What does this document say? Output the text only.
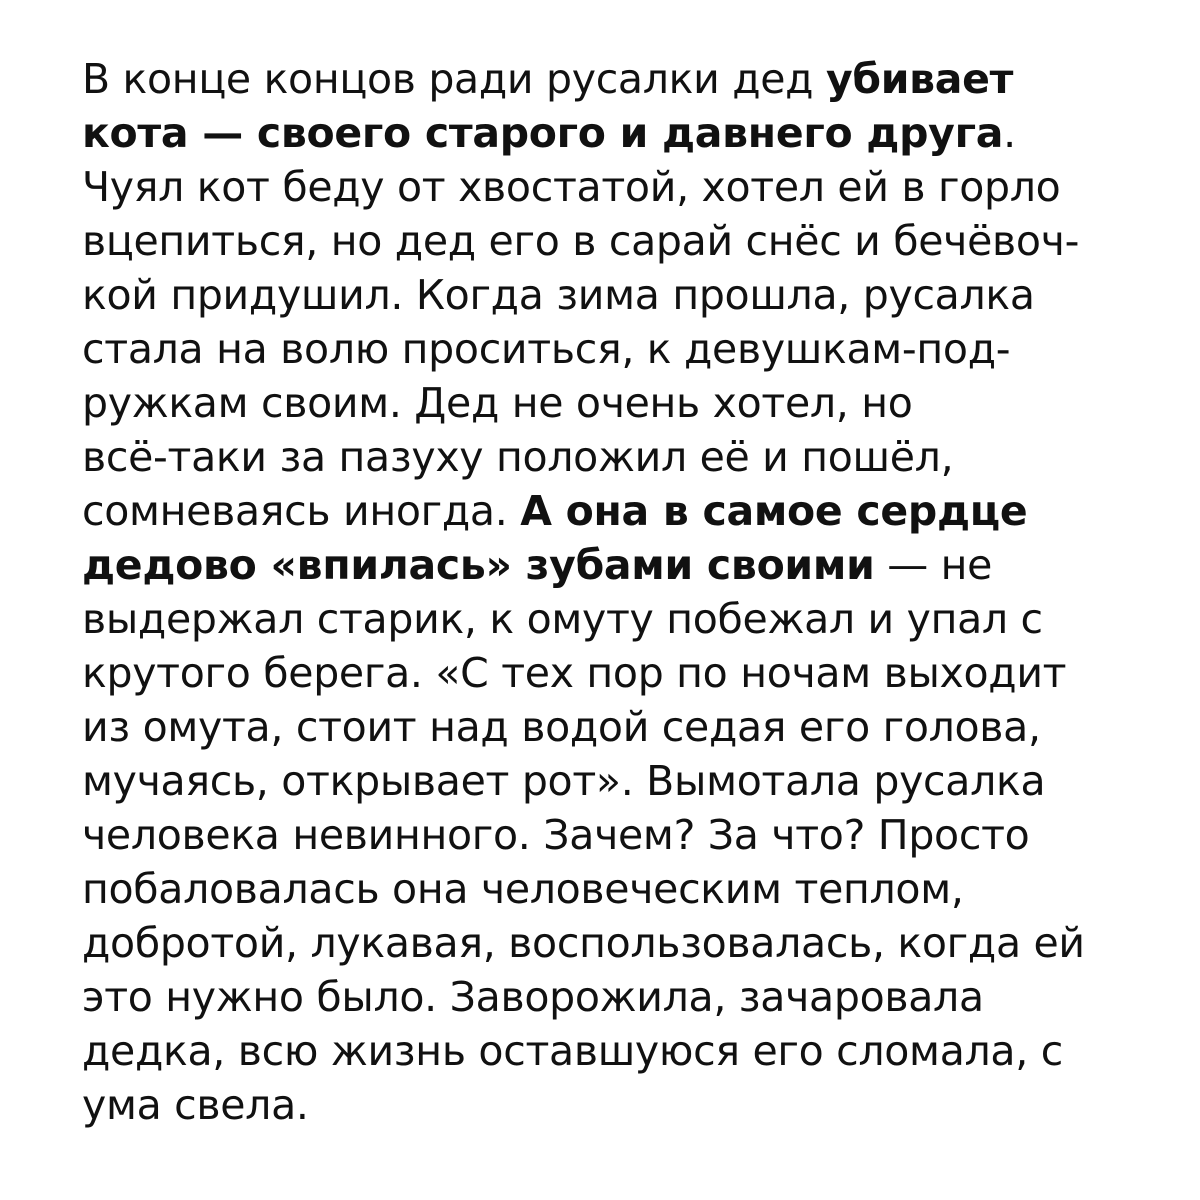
В конце концов ради русалки дед убивает
кота — своего старого и давнего друга.
Чуял кот беду от хвостатой, хотел ей в горло
вцепиться, но дед его в сарай снёс и бечёвоч-
кой придушил. Когда зима прошла, русалка
стала на волю проситься, к девушкам-под-
ружкам своим. Дед не очень хотел, но
всё-таки за пазуху положил её и пошёл,
сомневаясь иногда. А она в самое сердце
дедово «впилась» зубами своими — не
выдержал старик, к омуту побежал и упал с
крутого берега. «С тех пор по ночам выходит
из омута, стоит над водой седая его голова,
мучаясь, открывает рот». Вымотала русалка
человека невинного. Зачем? За что? Просто
побаловалась она человеческим теплом,
добротой, лукавая, воспользовалась, когда ей
это нужно было. Заворожила, зачаровала
дедка, всю жизнь оставшуюся его сломала, с
ума свела.
